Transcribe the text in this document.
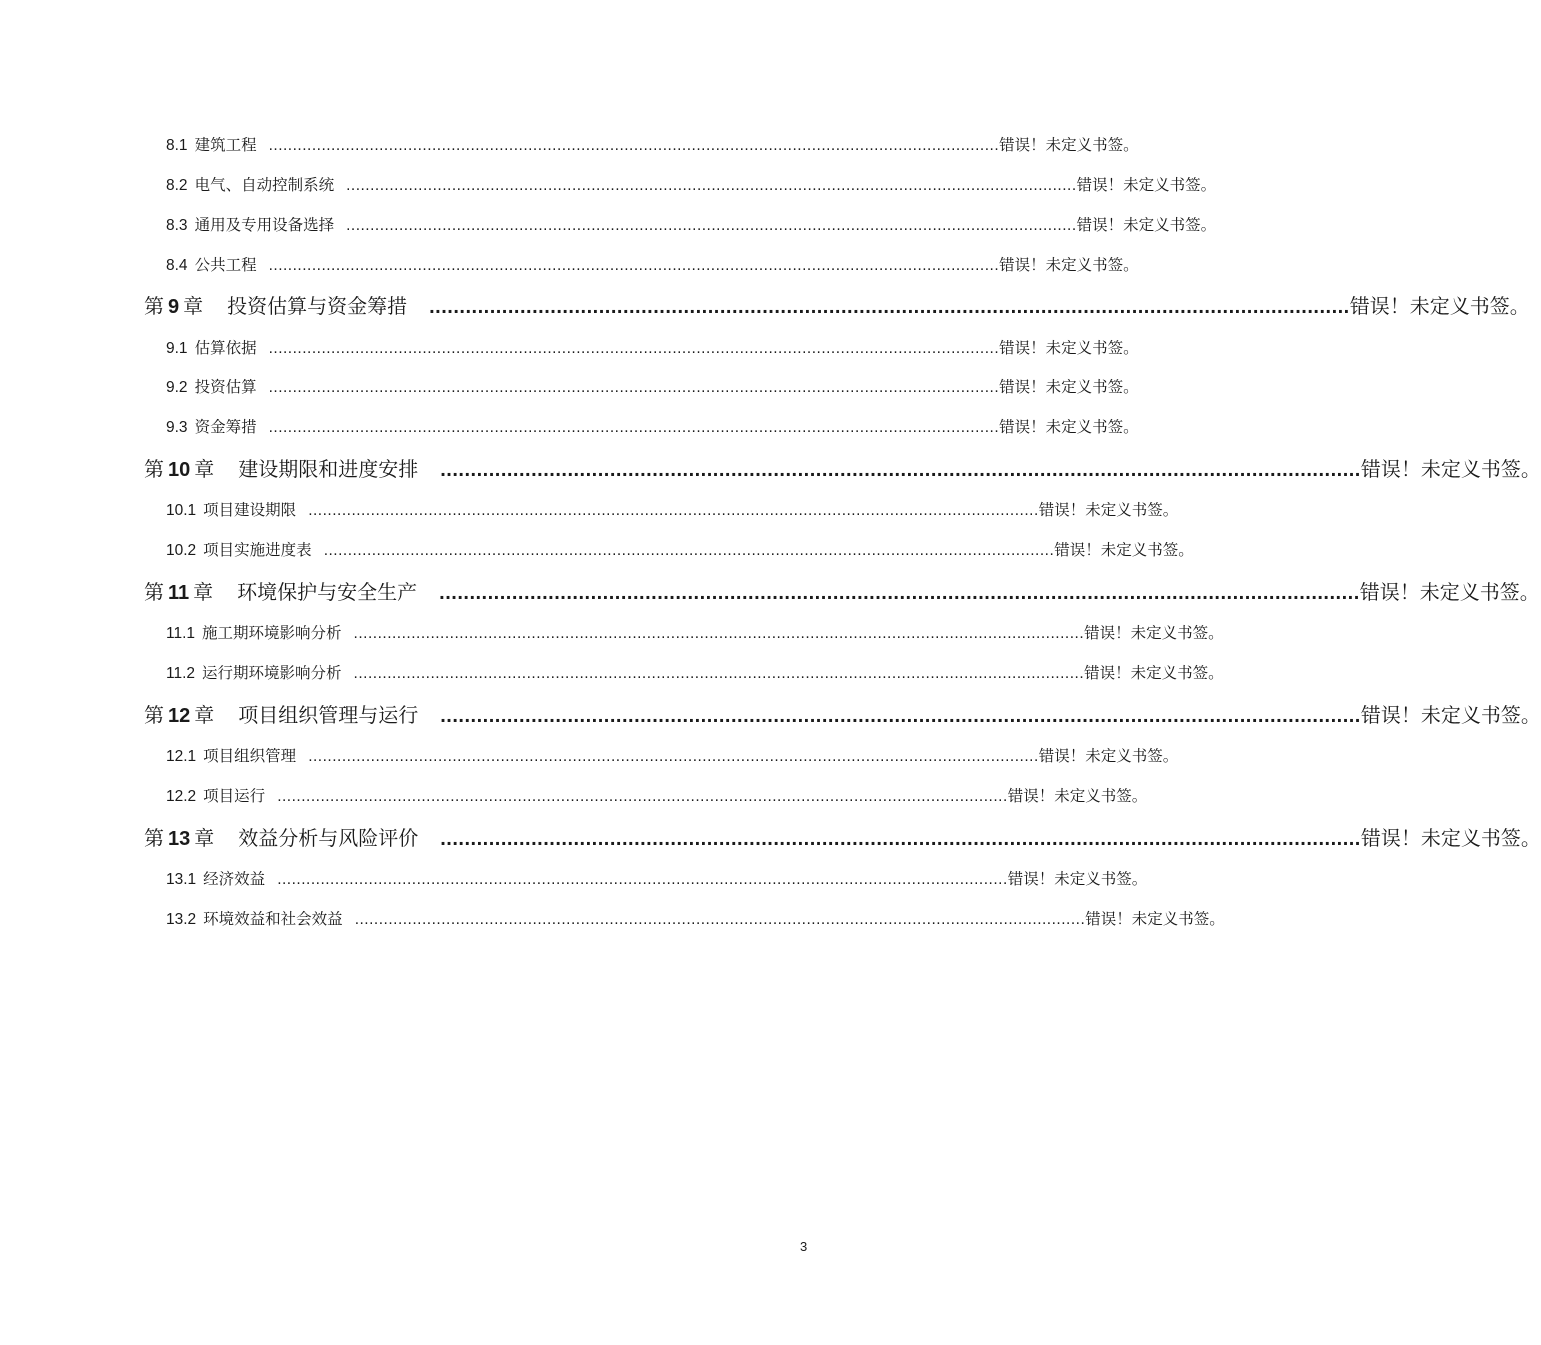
8.1 建筑工程 ........................................................................................................................................................ 错误！未定义书签。
8.2 电气、自动控制系统 ........................................................................................................................................................ 错误！未定义书签。
8.3 通用及专用设备选择 ........................................................................................................................................................ 错误！未定义书签。
8.4 公共工程 ........................................................................................................................................................ 错误！未定义书签。
第 9 章 投资估算与资金筹措 ........................................................................................................................................................ 错误！未定义书签。
9.1 估算依据 ........................................................................................................................................................ 错误！未定义书签。
9.2 投资估算 ........................................................................................................................................................ 错误！未定义书签。
9.3 资金筹措 ........................................................................................................................................................ 错误！未定义书签。
第 10 章 建设期限和进度安排 ........................................................................................................................................................ 错误！未定义书签。
10.1 项目建设期限 ........................................................................................................................................................ 错误！未定义书签。
10.2 项目实施进度表 ........................................................................................................................................................ 错误！未定义书签。
第 11 章 环境保护与安全生产 ........................................................................................................................................................ 错误！未定义书签。
11.1 施工期环境影响分析 ........................................................................................................................................................ 错误！未定义书签。
11.2 运行期环境影响分析 ........................................................................................................................................................ 错误！未定义书签。
第 12 章 项目组织管理与运行 ........................................................................................................................................................ 错误！未定义书签。
12.1 项目组织管理 ........................................................................................................................................................ 错误！未定义书签。
12.2 项目运行 ........................................................................................................................................................ 错误！未定义书签。
第 13 章 效益分析与风险评价 ........................................................................................................................................................ 错误！未定义书签。
13.1 经济效益 ........................................................................................................................................................ 错误！未定义书签。
13.2 环境效益和社会效益 ........................................................................................................................................................ 错误！未定义书签。
3
